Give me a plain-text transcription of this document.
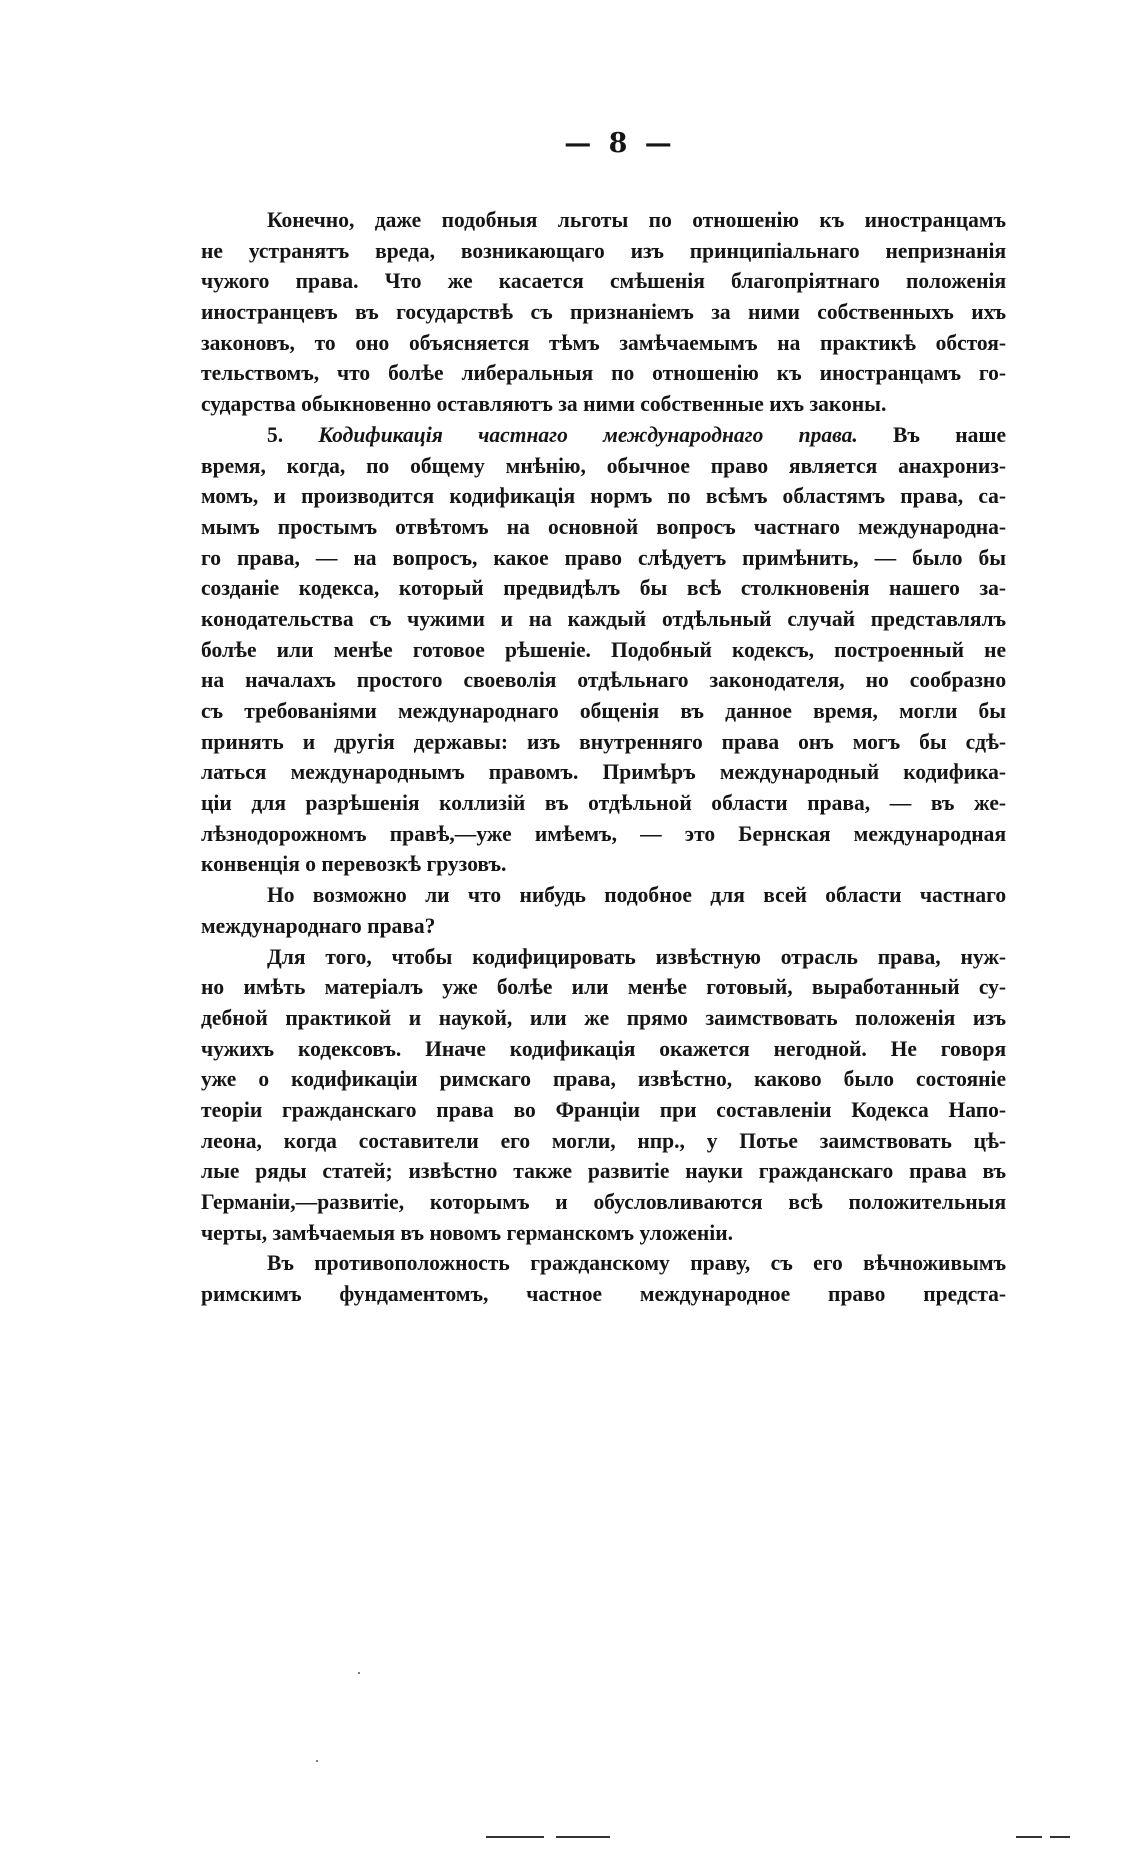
— 8 —
Конечно, даже подобныя льготы по отношенію къ иностранцамъ
не устранятъ вреда, возникающаго изъ принципіальнаго непризнанія
чужого права. Что же касается смѣшенія благопріятнаго положенія
иностранцевъ въ государствѣ съ признаніемъ за ними собственныхъ ихъ
законовъ, то оно объясняется тѣмъ замѣчаемымъ на практикѣ обстоя-
тельствомъ, что болѣе либеральныя по отношенію къ иностранцамъ го-
сударства обыкновенно оставляютъ за ними собственные ихъ законы.
5. Кодификація частнаго международнаго права. Въ наше
время, когда, по общему мнѣнію, обычное право является анахрониз-
момъ, и производится кодификація нормъ по всѣмъ областямъ права, са-
мымъ простымъ отвѣтомъ на основной вопросъ частнаго международна-
го права, — на вопросъ, какое право слѣдуетъ примѣнить, — было бы
созданіе кодекса, который предвидѣлъ бы всѣ столкновенія нашего за-
конодательства съ чужими и на каждый отдѣльный случай представлялъ
болѣе или менѣе готовое рѣшеніе. Подобный кодексъ, построенный не
на началахъ простого своеволія отдѣльнаго законодателя, но сообразно
съ требованіями международнаго общенія въ данное время, могли бы
принять и другія державы: изъ внутренняго права онъ могъ бы сдѣ-
латься международнымъ правомъ. Примѣръ международный кодифика-
ціи для разрѣшенія коллизій въ отдѣльной области права, — въ же-
лѣзнодорожномъ правѣ,—уже имѣемъ, — это Бернская международная
конвенція о перевозкѣ грузовъ.
Но возможно ли что нибудь подобное для всей области частнаго
международнаго права?
Для того, чтобы кодифицировать извѣстную отрасль права, нуж-
но имѣть матеріалъ уже болѣе или менѣе готовый, выработанный су-
дебной практикой и наукой, или же прямо заимствовать положенія изъ
чужихъ кодексовъ. Иначе кодификація окажется негодной. Не говоря
уже о кодификаціи римскаго права, извѣстно, каково было состояніе
теоріи гражданскаго права во Франціи при составленіи Кодекса Напо-
леона, когда составители его могли, нпр., у Потье заимствовать цѣ-
лые ряды статей; извѣстно также развитіе науки гражданскаго права въ
Германіи,—развитіе, которымъ и обусловливаются всѣ положительныя
черты, замѣчаемыя въ новомъ германскомъ уложеніи.
Въ противоположность гражданскому праву, съ его вѣчноживымъ
римскимъ фундаментомъ, частное международное право предста-
